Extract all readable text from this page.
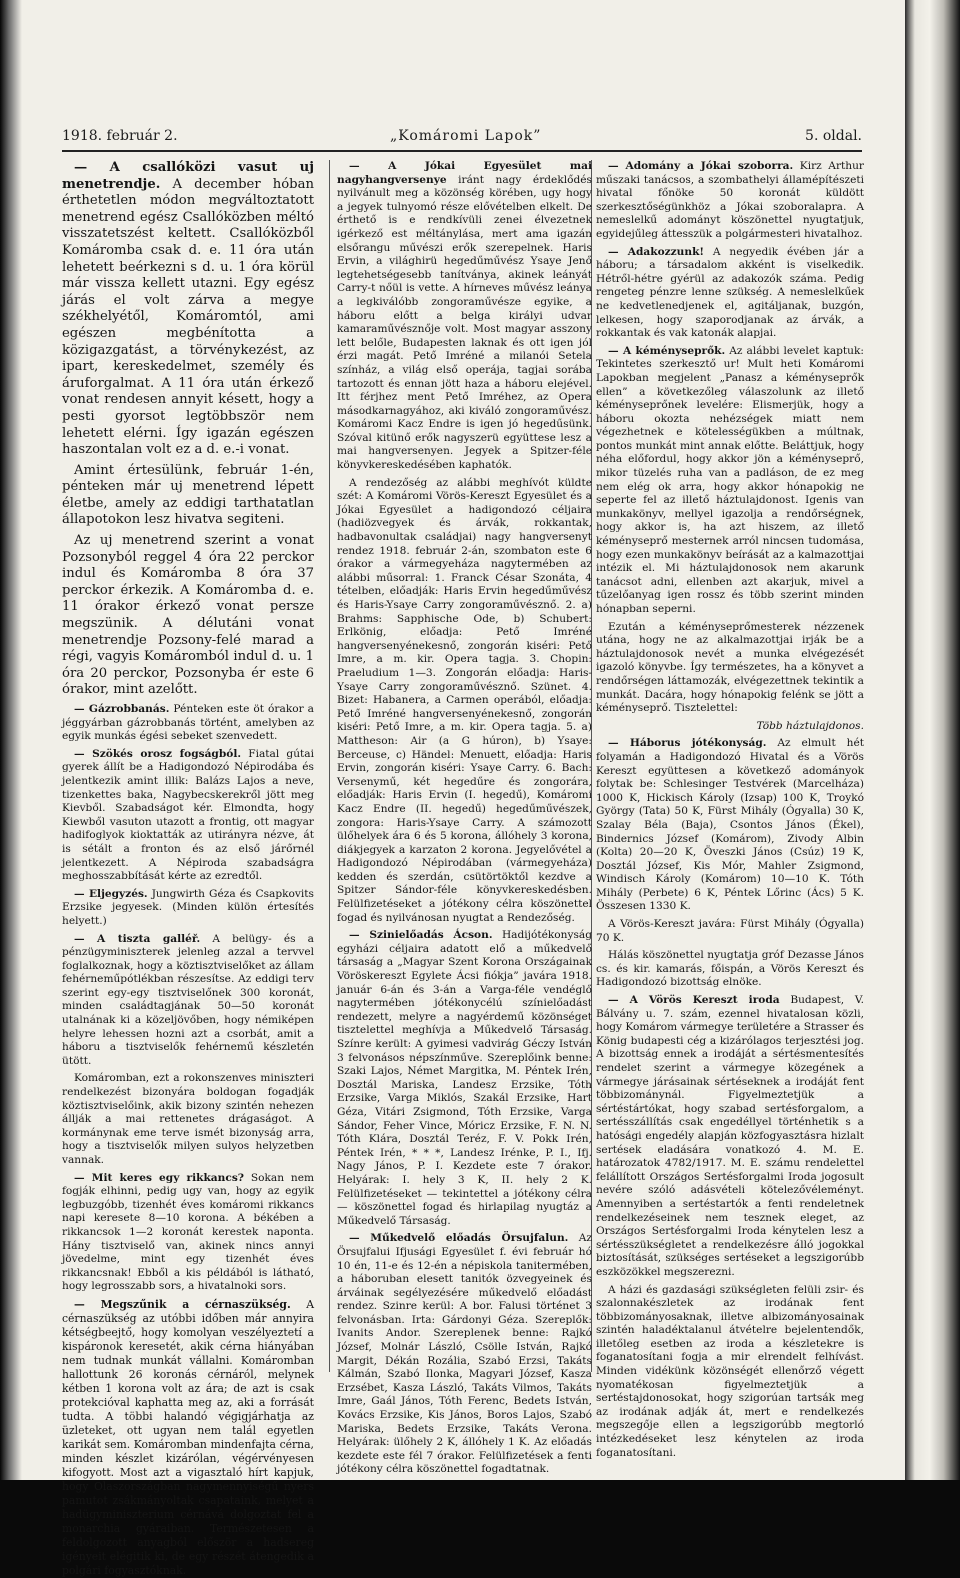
1918. február 2.	„Komáromi Lapok”	5. oldal.

— A csallóközi vasut uj menetrendje. A december hóban érthetetlen módon megváltoztatott menetrend egész Csallóközben méltó visszatetszést keltett. Csallóközből Komáromba csak d. e. 11 óra után lehetett beérkezni s d. u. 1 óra körül már vissza kellett utazni. Egy egész járás el volt zárva a megye székhelyétől, Komáromtól, ami egészen megbénította a közigazgatást, a törvénykezést, az ipart, kereskedelmet, személy és áruforgalmat. A 11 óra után érkező vonat rendesen annyit késett, hogy a pesti gyorsot legtöbbször nem lehetett elérni. Így igazán egészen haszontalan volt ez a d. e.-i vonat.

Amint értesülünk, február 1-én, pénteken már uj menetrend lépett életbe, amely az eddigi tarthatatlan állapotokon lesz hivatva segiteni.

Az uj menetrend szerint a vonat Pozsonyból reggel 4 óra 22 perckor indul és Komáromba 8 óra 37 perckor érkezik. A Komáromba d. e. 11 órakor érkező vonat persze megszünik. A délutáni vonat menetrendje Pozsony-felé marad a régi, vagyis Komáromból indul d. u. 1 óra 20 perckor, Pozsonyba ér este 6 órakor, mint azelőtt.

— Gázrobbanás. Pénteken este öt órakor a jéggyárban gázrobbanás történt, amelyben az egyik munkás égési sebeket szenvedett.

— Szökés orosz fogságból. Fiatal gútai gyerek állít be a Hadigondozó Népirodába és jelentkezik amint illik: Balázs Lajos a neve, tizenkettes baka, Nagybecskerekről jött meg Kievből. Szabadságot kér. Elmondta, hogy Kiewből vasuton utazott a frontig, ott magyar hadifoglyok kioktatták az utirányra nézve, át is sétált a fronton és az első járőrnél jelentkezett. A Népiroda szabadságra meghosszabbítását kérte az ezredtől.

— Eljegyzés. Jungwirth Géza és Csapkovits Erzsike jegyesek. (Minden külön értesítés helyett.)

— A tiszta galléř. A belügy- és a pénzügyminiszterek jelenleg azzal a tervvel foglalkoznak, hogy a köztisztviselőket az állam fehérneműpótlékban részesítse. Az eddigi terv szerint egy-egy tisztviselőnek 300 koronát, minden családtagjának 50—50 koronát utalnának ki a közeljövőben, hogy némiképen helyre lehessen hozni azt a csorbát, amit a háboru a tisztviselők fehérnemű készletén ütött.

Komáromban, ezt a rokonszenves miniszteri rendelkezést bizonyára boldogan fogadják köztisztviselőink, akik bizony szintén nehezen állják a mai rettenetes drágaságot. A kormánynak eme terve ismét bizonyság arra, hogy a tisztviselők milyen sulyos helyzetben vannak.

— Mit keres egy rikkancs? Sokan nem fogják elhinni, pedig ugy van, hogy az egyik legbuzgóbb, tizenhét éves komáromi rikkancs napi keresete 8—10 korona. A békében a rikkancsok 1—2 koronát kerestek naponta. Hány tisztviselő van, akinek nincs annyi jövedelme, mint egy tizenhét éves rikkancsnak! Ebből a kis példából is látható, hogy legrosszabb sors, a hivatalnoki sors.

— Megszűnik a cérnaszükség. A cérnaszükség az utóbbi időben már annyira kétségbeejtő, hogy komolyan veszélyeztetí a kispáronok keresetét, akik cérna hiányában nem tudnak munkát vállalni. Komáromban hallottunk 26 koronás cérnáról, melynek kétben 1 korona volt az ára; de azt is csak protekcióval kaphatta meg az, aki a forrását tudta. A többi halandó végigjárhatja az üzleteket, ott ugyan nem talál egyetlen karikát sem. Komáromban mindenfajta cérna, minden készlet kizárólan, végérvényesen kifogyott. Most azt a vigasztaló hírt kapjuk, hogy Olaszországban nagymennyiségű nyers pamutot zsákmányoltak csapataink, melyet a hadügyminiszterium cérnává dolgoztat fel a monarchia gyáraiban. Természetesen a feldolgozott anyagból először a hadsereg igényeit elégitik ki, de egy részét átengedik a polgári fogyasztóknak.

— A Jókai Egyesület mai nagyhangversenye iránt nagy érdeklődés nyilvánult meg a közönség körében, ugy hogy a jegyek tulnyomó része elővételben elkelt. De érthető is e rendkívüli zenei élvezetnek igérkező est méltánylása, mert ama igazán elsőrangu művészi erők szerepelnek. Haris Ervin, a világhirü hegedűművész Ysaye Jenő legtehetségesebb tanítványa, akinek leányát Carry-t nőül is vette. A hírneves művész leánya a legkiválóbb zongoraművésze egyike, a háboru előtt a belga királyi udvar kamaraművésznője volt. Most magyar asszony lett belőle, Budapesten laknak és ott igen jól érzi magát. Pető Imréné a milanói Setela színház, a világ első operája, tagjai sorába tartozott és ennan jött haza a háboru elejével. Itt férjhez ment Pető Imréhez, az Opera másodkarnagyához, aki kiváló zongoraművész. Komáromi Kacz Endre is igen jó hegedűsünk. Szóval kitünő erők nagyszerü együttese lesz a mai hangversenyen. Jegyek a Spitzer-féle könyvkereskedésében kaphatók.

A rendezőség az alábbi meghívót küldte szét: A Komáromi Vörös-Kereszt Egyesület és a Jókai Egyesület a hadigondozó céljaira (hadiözvegyek és árvák, rokkantak, hadbavonultak családjai) nagy hangversenyt rendez 1918. február 2-án, szombaton este 6 órakor a vármegyeháza nagytermében az alábbi műsorral: 1. Franck César Szonáta, 4 tételben, előadják: Haris Ervin hegedűművész és Haris-Ysaye Carry zongoraművésznő. 2. a) Brahms: Sapphische Ode, b) Schubert: Erlkönig, előadja: Pető Imréné hangversenyénekesnő, zongorán kiséri: Pető Imre, a m. kir. Opera tagja. 3. Chopin: Praeludium 1—3. Zongorán előadja: Haris-Ysaye Carry zongoraművésznő. Szünet. 4. Bizet: Habanera, a Carmen operából, előadja: Pető Imréné hangversenyénekesnő, zongorán kiséri: Pető Imre, a m. kir. Opera tagja. 5. a) Mattheson: Air (a G húron), b) Ysaye: Berceuse, c) Händel: Menuett, előadja: Haris Ervin, zongorán kiséri: Ysaye Carry. 6. Bach: Versenymű, két hegedűre és zongorára, előadják: Haris Ervin (I. hegedű), Komáromi Kacz Endre (II. hegedű) hegedűművészek, zongora: Haris-Ysaye Carry. A számozott ülőhelyek ára 6 és 5 korona, állóhely 3 korona, diákjegyek a karzaton 2 korona. Jegyelővétel a Hadigondozó Népirodában (vármegyeháza) kedden és szerdán, csütörtöktől kezdve a Spitzer Sándor-féle könyvkereskedésben. Felülfizetéseket a jótékony célra köszönettel fogad és nyilvánosan nyugtat a Rendezőség.

— Szinielőadás Ácson. Hadijótékonyság egyházi céljaira adatott elő a műkedvelő társaság a „Magyar Szent Korona Országainak Vöröskereszt Egylete Ácsi fiókja” javára 1918. január 6-án és 3-án a Varga-féle vendéglő nagytermében jótékonycélú színielőadást rendezett, melyre a nagyérdemű közönséget tisztelettel meghívja a Műkedvelő Társaság. Színre került: A gyimesi vadvirág Géczy István 3 felvonásos népszínműve. Szereplőink benne: Szaki Lajos, Német Margitka, M. Péntek Irén, Dosztál Mariska, Landesz Erzsike, Tóth Erzsike, Varga Miklós, Szakál Erzsike, Hart Géza, Vitári Zsigmond, Tóth Erzsike, Varga Sándor, Feher Vince, Móricz Erzsike, F. N. N. Tóth Klára, Dosztál Teréz, F. V. Pokk Irén, Péntek Irén, * * *, Landesz Irénke, P. I., Ifj. Nagy János, P. I. Kezdete este 7 órakor. Helyárak: I. hely 3 K, II. hely 2 K. Felülfizetéseket — tekintettel a jótékony célra — köszönettel fogad és hirlapilag nyugtáz a Műkedvelő Társaság.

— Műkedvelő előadás Örsujfalun. Az Örsujfalui Ifjusági Egyesület f. évi február hó 10 én, 11-e és 12-én a népiskola tanitermében, a háboruban elesett tanitók özvegyeinek és árváinak segélyezésére műkedvelő előadást rendez. Szinre kerül: A bor. Falusi történet 3 felvonásban. Irta: Gárdonyi Géza. Szereplők: Ivanits Andor. Szereplenek benne: Rajkó József, Molnár László, Csölle István, Rajkó Margit, Dékán Rozália, Szabó Erzsi, Takáts Kálmán, Szabó Ilonka, Magyari József, Kasza Erzsébet, Kasza László, Takáts Vilmos, Takáts Imre, Gaál János, Tóth Ferenc, Bedets István, Kovács Erzsike, Kis János, Boros Lajos, Szabó Mariska, Bedets Erzsike, Takáts Verona. Helyárak: ülőhely 2 K, állóhely 1 K. Az előadás kezdete este fél 7 órakor. Felülfizetések a fenti jótékony célra köszönettel fogadtatnak.

— Adomány a Jókai szoborra. Kirz Arthur műszaki tanácsos, a szombathelyi államépítészeti hivatal főnöke 50 koronát küldött szerkesztőségünkhöz a Jókai szoboralapra. A nemeslelkű adományt köszönettel nyugtatjuk, egyidejűleg áttesszük a polgármesteri hivatalhoz.

— Adakozzunk! A negyedik évében jár a háboru; a társadalom akként is viselkedik. Hétről-hétre gyérül az adakozók száma. Pedig rengeteg pénzre lenne szükség. A nemeslelkűek ne kedvetlenedjenek el, agitáljanak, buzgón, lelkesen, hogy szaporodjanak az árvák, a rokkantak és vak katonák alapjai.

— A kéményseprők. Az alábbi levelet kaptuk: Tekintetes szerkesztő ur! Mult heti Komáromi Lapokban megjelent „Panasz a kéményseprők ellen” a következőleg válaszolunk az illető kéményseprőnek levelére: Elismerjük, hogy a háboru okozta nehézségek miatt nem végezhetnek e kötelességükben a múltnak, pontos munkát mint annak előtte. Beláttjuk, hogy néha előfordul, hogy akkor jön a kéményseprő, mikor tüzelés ruha van a padláson, de ez meg nem elég ok arra, hogy akkor hónapokig ne seperte fel az illető háztulajdonost. Igenis van munkakönyv, mellyel igazolja a rendőrségnek, hogy akkor is, ha azt hiszem, az illető kéményseprő mesternek arról nincsen tudomása, hogy ezen munkakönyv beírását az a kalmazottjai intézik el. Mi háztulajdonosok nem akarunk tanácsot adni, ellenben azt akarjuk, mivel a tűzelőanyag igen rossz és több szerint minden hónapban seperni.

Ezután a kéményseprőmesterek nézzenek utána, hogy ne az alkalmazottjai irják be a háztulajdonosok nevét a munka elvégezését igazoló könyvbe. Így természetes, ha a könyvet a rendőrségen láttamozák, elvégezettnek tekintik a munkát. Dacára, hogy hónapokig felénk se jött a kéményseprő. Tisztelettel:

Több háztulajdonos.

— Háborus jótékonyság. Az elmult hét folyamán a Hadigondozó Hivatal és a Vörös Kereszt együttesen a következő adományok folytak be: Schlesinger Testvérek (Marcelháza) 1000 K, Hickisch Károly (Izsap) 100 K, Troykó György (Tata) 50 K, Fürst Mihály (Ógyalla) 30 K, Szalay Béla (Baja), Csontos János (Ékel), Bindernics József (Komárom), Zivody Albin (Kolta) 20—20 K, Öveszki János (Csúz) 19 K, Dosztál József, Kis Mór, Mahler Zsigmond, Windisch Károly (Komárom) 10—10 K. Tóth Mihály (Perbete) 6 K, Péntek Lőrinc (Ács) 5 K. Összesen 1330 K.

A Vörös-Kereszt javára: Fürst Mihály (Ógyalla) 70 K.

Hálás köszönettel nyugtatja gróf Dezasse János cs. és kir. kamarás, főispán, a Vörös Kereszt és Hadigondozó bizottság elnöke.

— A Vörös Kereszt iroda Budapest, V. Bálvány u. 7. szám, ezennel hivatalosan közli, hogy Komárom vármegye területére a Strasser és König budapesti cég a kizárólagos terjesztési jog. A bizottság ennek a irodáját a sértésmentesítés rendelet szerint a vármegye közegének a vármegye járásainak sértéseknek a irodáját fent többizománynál. Figyelmeztetjük a sértéstártókat, hogy szabad sertésforgalom, a sertésszállítás csak engedéllyel történhetik s a hatósági engedély alapján közfogyasztásra hizlalt sertések eladására vonatkozó 4. M. E. határozatok 4782/1917. M. E. számu rendelettel felállított Országos Sertésforgalmi Iroda jogosult nevére szóló adásvételi kötelezővéleményt. Amennyiben a sertéstartók a fenti rendeletnek rendelkezéseinek nem tesznek eleget, az Országos Sertésforgalmi Iroda kénytelen lesz a sértésszükségletet a rendelkezésre álló jogokkal biztosítását, szükséges sertéseket a legszigorúbb eszközökkel megszerezni.

A házi és gazdasági szükségleten felüli zsir- és szalonnakészletek az irodának fent többizományosaknak, illetve albizományosainak szintén haladéktalanul átvételre bejelentendők, illetőleg esetben az iroda a készletekre is foganatosítani fogja a mir elrendelt felhívást. Minden vidékünk közönségét ellenőrző végett nyomatékosan figyelmeztetjük a sertéstajdonosokat, hogy szigorúan tartsák meg az irodának adják át, mert e rendelkezés megszegője ellen a legszigorúbb megtorló intézkedéseket lesz kénytelen az iroda foganatosítani.
